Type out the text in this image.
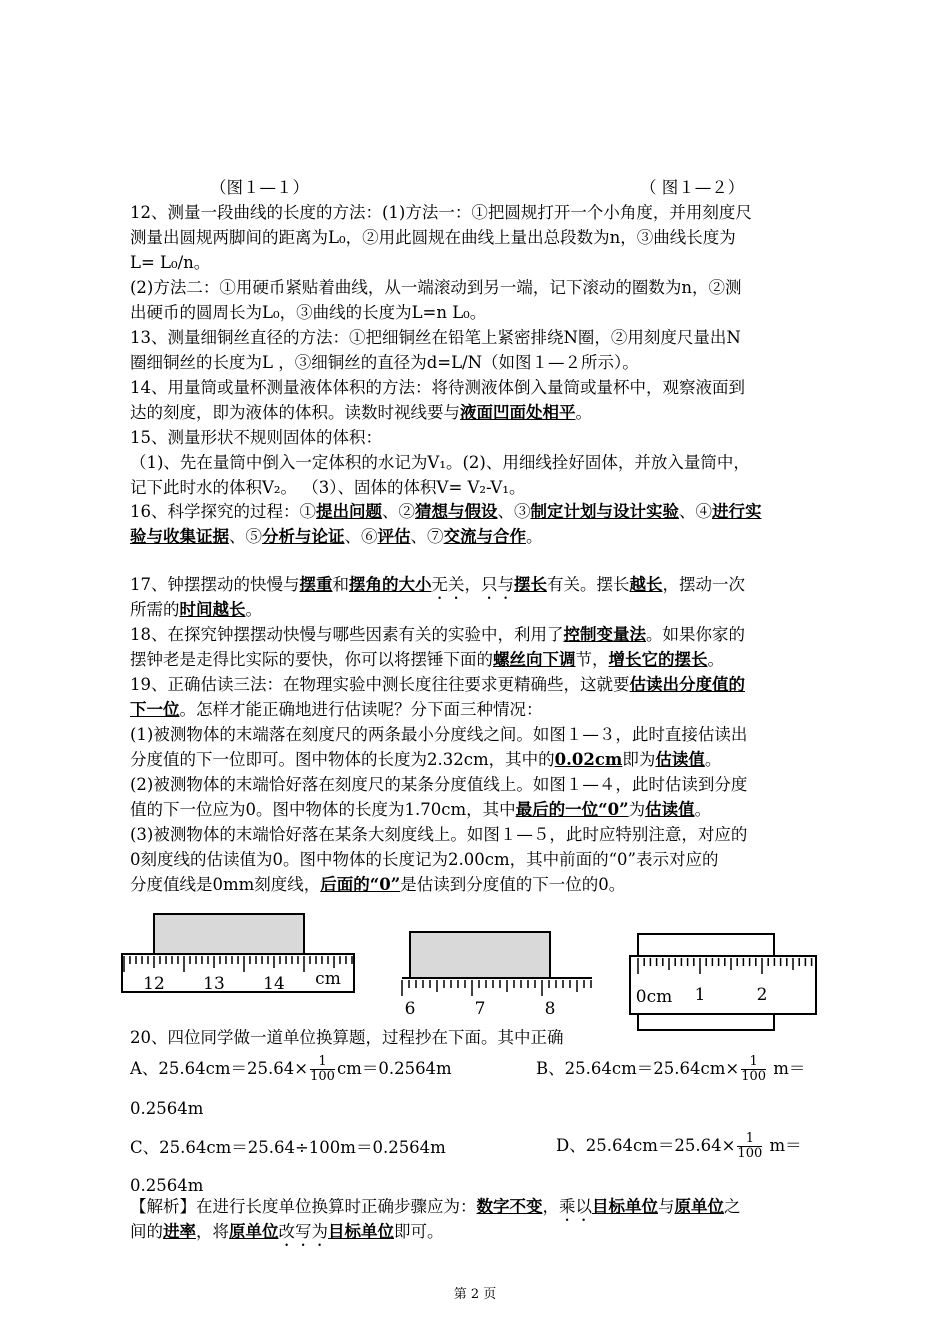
（图１—１）	（ 图１—２）
12、测量一段曲线的长度的方法：(1)方法一：①把圆规打开一个小角度，并用刻度尺
测量出圆规两脚间的距离为L₀，②用此圆规在曲线上量出总段数为n，③曲线长度为
L= L₀/n。
(2)方法二：①用硬币紧贴着曲线，从一端滚动到另一端，记下滚动的圈数为n，②测
出硬币的圆周长为L₀，③曲线的长度为L=n L₀。
13、测量细铜丝直径的方法：①把细铜丝在铅笔上紧密排绕N圈，②用刻度尺量出N
圈细铜丝的长度为L ，③细铜丝的直径为d=L/N（如图１—２所示）。
14、用量筒或量杯测量液体体积的方法：将待测液体倒入量筒或量杯中，观察液面到
达的刻度，即为液体的体积。读数时视线要与液面凹面处相平。
15、测量形状不规则固体的体积：
（1)、先在量筒中倒入一定体积的水记为V₁。(2)、用细线拴好固体，并放入量筒中，
记下此时水的体积V₂。 （3）、固体的体积V= V₂-V₁。
16、科学探究的过程：①提出问题、②猜想与假设、③制定计划与设计实验、④进行实
验与收集证据、⑤分析与论证、⑥评估、⑦交流与合作。
17、钟摆摆动的快慢与摆重和摆角的大小无关，只与摆长有关。摆长越长，摆动一次
所需的时间越长。
18、在探究钟摆摆动快慢与哪些因素有关的实验中，利用了控制变量法。如果你家的
摆钟老是走得比实际的要快，你可以将摆锤下面的螺丝向下调节，增长它的摆长。
19、正确估读三法：在物理实验中测长度往往要求更精确些，这就要估读出分度值的
下一位。怎样才能正确地进行估读呢？分下面三种情况：
(1)被测物体的末端落在刻度尺的两条最小分度线之间。如图１—３，此时直接估读出
分度值的下一位即可。图中物体的长度为2.32cm，其中的0.02cm即为估读值。
(2)被测物体的末端恰好落在刻度尺的某条分度值线上。如图１—４，此时估读到分度
值的下一位应为0。图中物体的长度为1.70cm，其中最后的一位“0”为估读值。
(3)被测物体的末端恰好落在某条大刻度线上。如图１—５，此时应特别注意，对应的
0刻度线的估读值为0。图中物体的长度记为2.00cm，其中前面的“0”表示对应的
分度值线是0mm刻度线，后面的“0”是估读到分度值的下一位的0。
12 13 14 cm
6	7	8
0cm 1	2
20、四位同学做一道单位换算题，过程抄在下面。其中正确
A、$25.64cm=25.64\times \frac{1}{100} cm=0.2564m$	B、$25.64cm=25.64cm\times \frac{1}{100} m=$
0.2564m
C、25.64cm＝25.64÷100m＝0.2564m	D、$25.64cm=25.64\times \frac{1}{100} m=$
0.2564m
【解析】在进行长度单位换算时正确步骤应为：数字不变，乘以目标单位与原单位之
间的进率，将原单位改写为目标单位即可。
第 2 页
